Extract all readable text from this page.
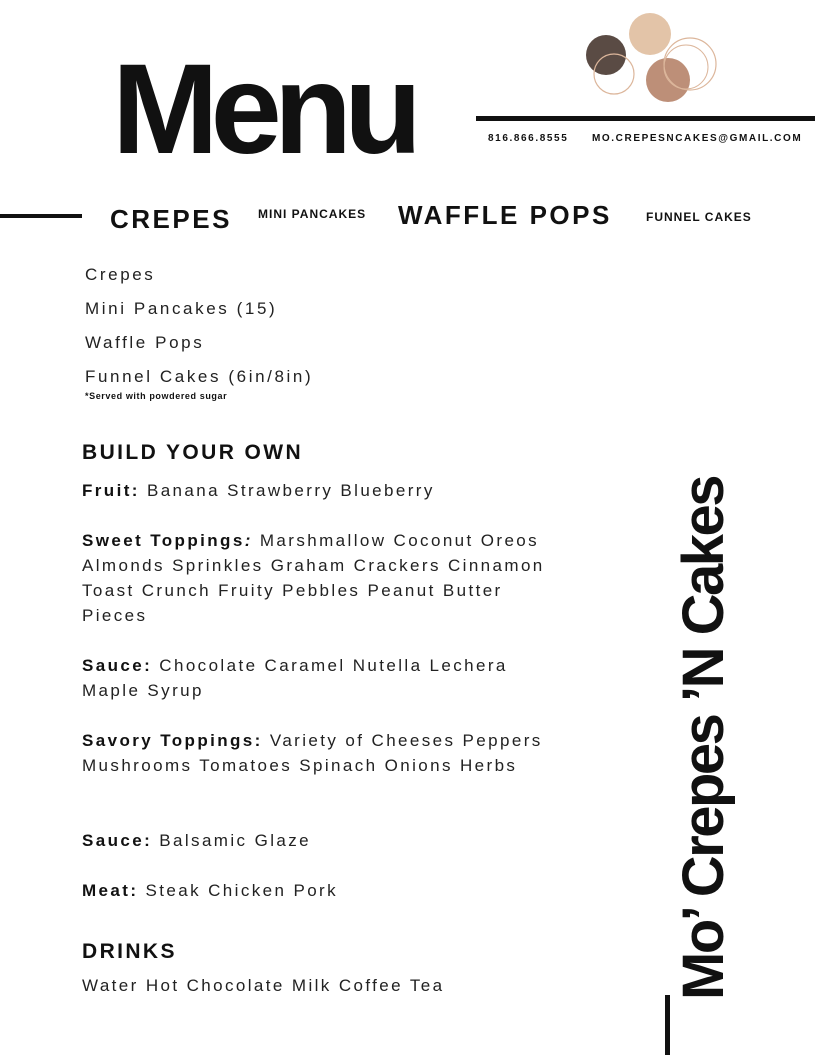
Menu	816.866.8555 MO.CREPESNCAKES@GMAIL.COM
CREPES MINI PANCAKES WAFFLE POPS	FUNNEL CAKES
Crepes
Mini Pancakes (15)
Waffle Pops
Funnel Cakes (6in/8in)
*Served with powdered sugar
BUILD YOUR OWN
Fruit: Banana Strawberry Blueberry
Sweet Toppings: Marshmallow Coconut Oreos Almonds Sprinkles Graham Crackers Cinnamon Toast Crunch Fruity Pebbles Peanut Butter Pieces
Sauce: Chocolate Caramel Nutella Lechera Maple Syrup
Savory Toppings: Variety of Cheeses Peppers Mushrooms Tomatoes Spinach Onions Herbs
Sauce: Balsamic Glaze
Meat: Steak Chicken Pork
DRINKS
Water Hot Chocolate Milk Coffee Tea	Mo’ Crepes ’N Cakes
